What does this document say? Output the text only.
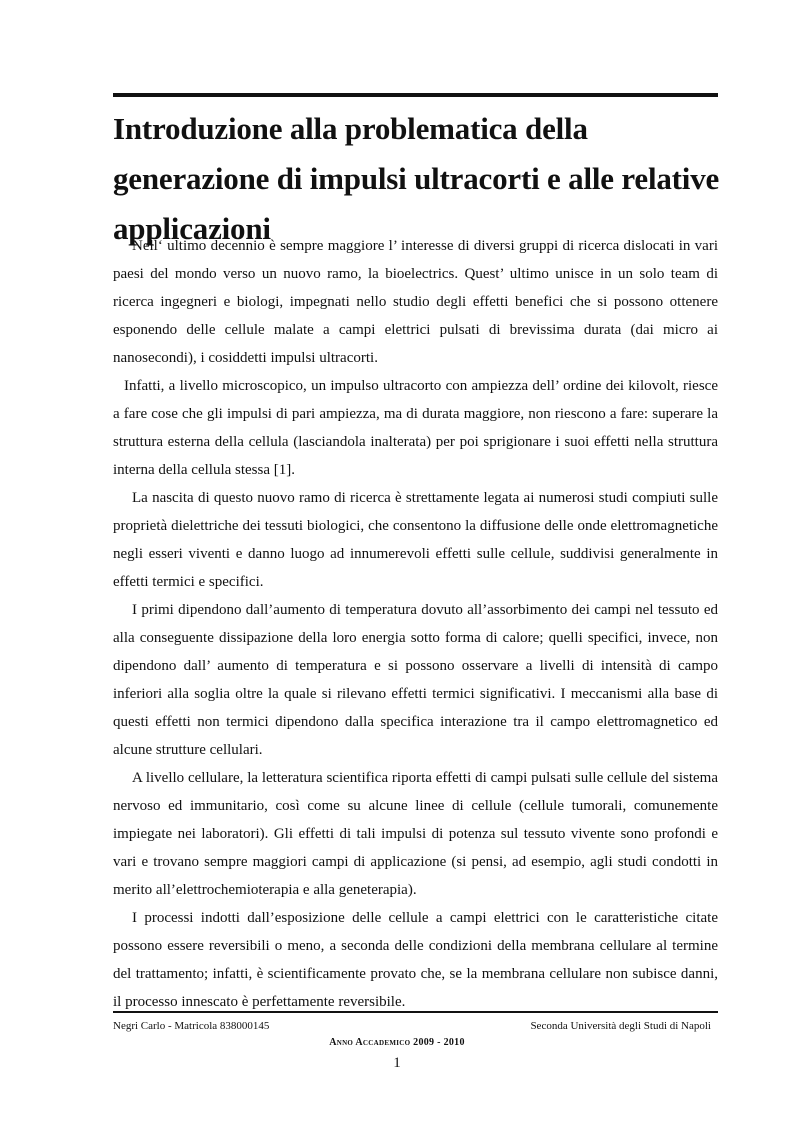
Introduzione alla problematica della generazione di impulsi ultracorti e alle relative applicazioni

Nell‘ ultimo decennio è sempre maggiore l’ interesse di diversi gruppi di ricerca dislocati in vari paesi del mondo verso un nuovo ramo, la bioelectrics. Quest’ ultimo unisce in un solo team di ricerca ingegneri e biologi, impegnati nello studio degli effetti benefici che si possono ottenere esponendo delle cellule malate a campi elettrici pulsati di brevissima durata (dai micro ai nanosecondi), i cosiddetti impulsi ultracorti.

Infatti, a livello microscopico, un impulso ultracorto con ampiezza dell’ ordine dei kilovolt, riesce a fare cose che gli impulsi di pari ampiezza, ma di durata maggiore, non riescono a fare: superare la struttura esterna della cellula (lasciandola inalterata) per poi sprigionare i suoi effetti nella struttura interna della cellula stessa [1].

La nascita di questo nuovo ramo di ricerca è strettamente legata ai numerosi studi compiuti sulle proprietà dielettriche dei tessuti biologici, che consentono la diffusione delle onde elettromagnetiche negli esseri viventi e danno luogo ad innumerevoli effetti sulle cellule, suddivisi generalmente in effetti termici e specifici.

I primi dipendono dall’aumento di temperatura dovuto all’assorbimento dei campi nel tessuto ed alla conseguente dissipazione della loro energia sotto forma di calore; quelli specifici, invece, non dipendono dall’ aumento di temperatura e si possono osservare a livelli di intensità di campo inferiori alla soglia oltre la quale si rilevano effetti termici significativi. I meccanismi alla base di questi effetti non termici dipendono dalla specifica interazione tra il campo elettromagnetico ed alcune strutture cellulari.

A livello cellulare, la letteratura scientifica riporta effetti di campi pulsati sulle cellule del sistema nervoso ed immunitario, così come su alcune linee di cellule (cellule tumorali, comunemente impiegate nei laboratori). Gli effetti di tali impulsi di potenza sul tessuto vivente sono profondi e vari e trovano sempre maggiori campi di applicazione (si pensi, ad esempio, agli studi condotti in merito all’elettrochemioterapia e alla geneterapia).

I processi indotti dall’esposizione delle cellule a campi elettrici con le caratteristiche citate possono essere reversibili o meno, a seconda delle condizioni della membrana cellulare al termine del trattamento; infatti, è scientificamente provato che, se la membrana cellulare non subisce danni, il processo innescato è perfettamente reversibile.

Negri Carlo - Matricola 838000145	Seconda Università degli Studi di Napoli
Anno Accademico 2009 - 2010
1
